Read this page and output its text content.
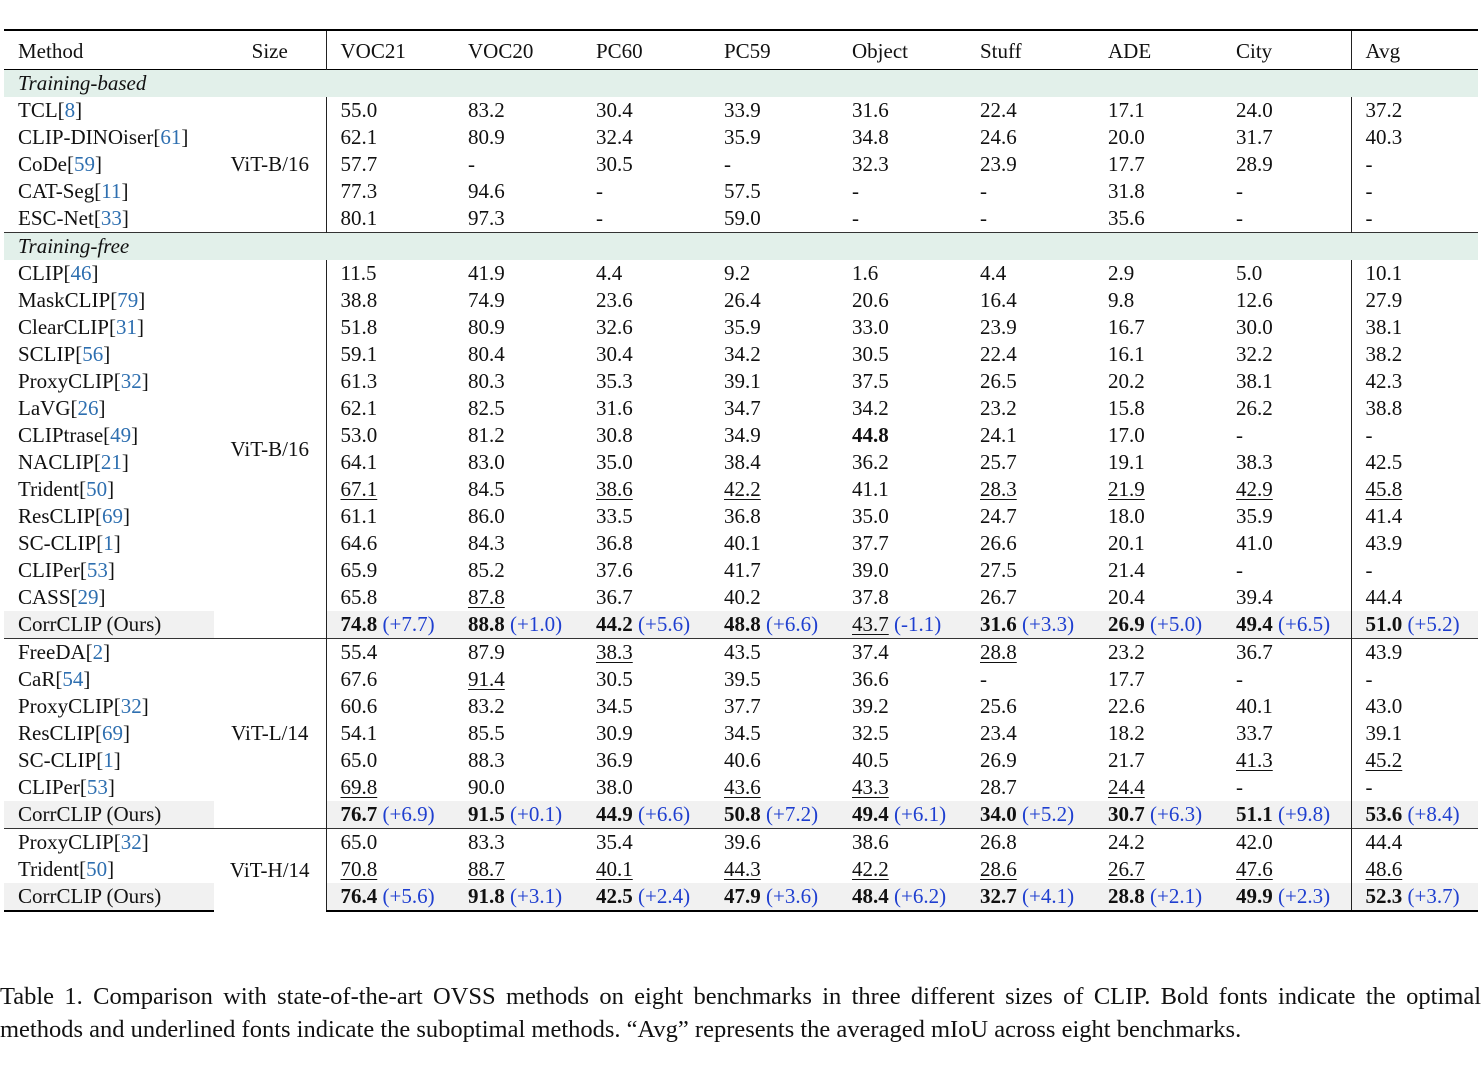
Method	Size	VOC21	VOC20	PC60	PC59	Object	Stuff	ADE	City	Avg
Training-based										
TCL[8]	ViT-B/16	55.0	83.2	30.4	33.9	31.6	22.4	17.1	24.0	37.2
CLIP-DINOiser[61]		62.1	80.9	32.4	35.9	34.8	24.6	20.0	31.7	40.3
CoDe[59]		57.7	-	30.5	-	32.3	23.9	17.7	28.9	-
CAT-Seg[11]		77.3	94.6	-	57.5	-	-	31.8	-	-
ESC-Net[33]		80.1	97.3	-	59.0	-	-	35.6	-	-
Training-free										
CLIP[46]	ViT-B/16	11.5	41.9	4.4	9.2	1.6	4.4	2.9	5.0	10.1
MaskCLIP[79]		38.8	74.9	23.6	26.4	20.6	16.4	9.8	12.6	27.9
ClearCLIP[31]		51.8	80.9	32.6	35.9	33.0	23.9	16.7	30.0	38.1
SCLIP[56]		59.1	80.4	30.4	34.2	30.5	22.4	16.1	32.2	38.2
ProxyCLIP[32]		61.3	80.3	35.3	39.1	37.5	26.5	20.2	38.1	42.3
LaVG[26]		62.1	82.5	31.6	34.7	34.2	23.2	15.8	26.2	38.8
CLIPtrase[49]		53.0	81.2	30.8	34.9	44.8	24.1	17.0	-	-
NACLIP[21]		64.1	83.0	35.0	38.4	36.2	25.7	19.1	38.3	42.5
Trident[50]		67.1	84.5	38.6	42.2	41.1	28.3	21.9	42.9	45.8
ResCLIP[69]		61.1	86.0	33.5	36.8	35.0	24.7	18.0	35.9	41.4
SC-CLIP[1]		64.6	84.3	36.8	40.1	37.7	26.6	20.1	41.0	43.9
CLIPer[53]		65.9	85.2	37.6	41.7	39.0	27.5	21.4	-	-
CASS[29]		65.8	87.8	36.7	40.2	37.8	26.7	20.4	39.4	44.4
CorrCLIP (Ours)		74.8 (+7.7)	88.8 (+1.0)	44.2 (+5.6)	48.8 (+6.6)	43.7 (-1.1)	31.6 (+3.3)	26.9 (+5.0)	49.4 (+6.5)	51.0 (+5.2)
FreeDA[2]	ViT-L/14	55.4	87.9	38.3	43.5	37.4	28.8	23.2	36.7	43.9
CaR[54]		67.6	91.4	30.5	39.5	36.6	-	17.7	-	-
ProxyCLIP[32]		60.6	83.2	34.5	37.7	39.2	25.6	22.6	40.1	43.0
ResCLIP[69]		54.1	85.5	30.9	34.5	32.5	23.4	18.2	33.7	39.1
SC-CLIP[1]		65.0	88.3	36.9	40.6	40.5	26.9	21.7	41.3	45.2
CLIPer[53]		69.8	90.0	38.0	43.6	43.3	28.7	24.4	-	-
CorrCLIP (Ours)		76.7 (+6.9)	91.5 (+0.1)	44.9 (+6.6)	50.8 (+7.2)	49.4 (+6.1)	34.0 (+5.2)	30.7 (+6.3)	51.1 (+9.8)	53.6 (+8.4)
ProxyCLIP[32]	ViT-H/14	65.0	83.3	35.4	39.6	38.6	26.8	24.2	42.0	44.4
Trident[50]		70.8	88.7	40.1	44.3	42.2	28.6	26.7	47.6	48.6
CorrCLIP (Ours)		76.4 (+5.6)	91.8 (+3.1)	42.5 (+2.4)	47.9 (+3.6)	48.4 (+6.2)	32.7 (+4.1)	28.8 (+2.1)	49.9 (+2.3)	52.3 (+3.7)
Table 1. Comparison with state-of-the-art OVSS methods on eight benchmarks in three different sizes of CLIP. Bold fonts indicate the optimal methods and underlined fonts indicate the suboptimal methods. “Avg” represents the averaged mIoU across eight benchmarks.
